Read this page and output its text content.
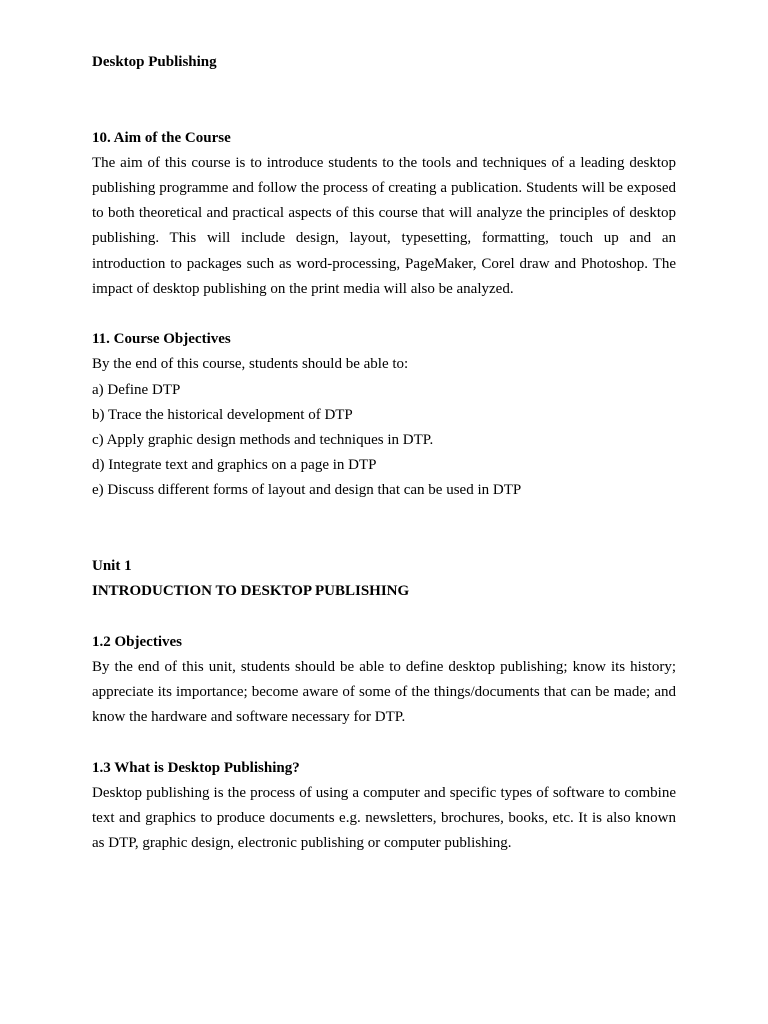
Desktop Publishing
10. Aim of the Course

The aim of this course is to introduce students to the tools and techniques of a leading desktop publishing programme and follow the process of creating a publication. Students will be exposed to both theoretical and practical aspects of this course that will analyze the principles of desktop publishing. This will include design, layout, typesetting, formatting, touch up and an introduction to packages such as word-processing, PageMaker, Corel draw and Photoshop. The impact of desktop publishing on the print media will also be analyzed.

11. Course Objectives
By the end of this course, students should be able to:
a) Define DTP
b) Trace the historical development of DTP
c) Apply graphic design methods and techniques in DTP.
d) Integrate text and graphics on a page in DTP
e) Discuss different forms of layout and design that can be used in DTP
Unit 1
INTRODUCTION TO DESKTOP PUBLISHING
1.2 Objectives

By the end of this unit, students should be able to define desktop publishing; know its history; appreciate its importance; become aware of some of the things/documents that can be made; and know the hardware and software necessary for DTP.

1.3 What is Desktop Publishing?

Desktop publishing is the process of using a computer and specific types of software to combine text and graphics to produce documents e.g. newsletters, brochures, books, etc. It is also known as DTP, graphic design, electronic publishing or computer publishing.
